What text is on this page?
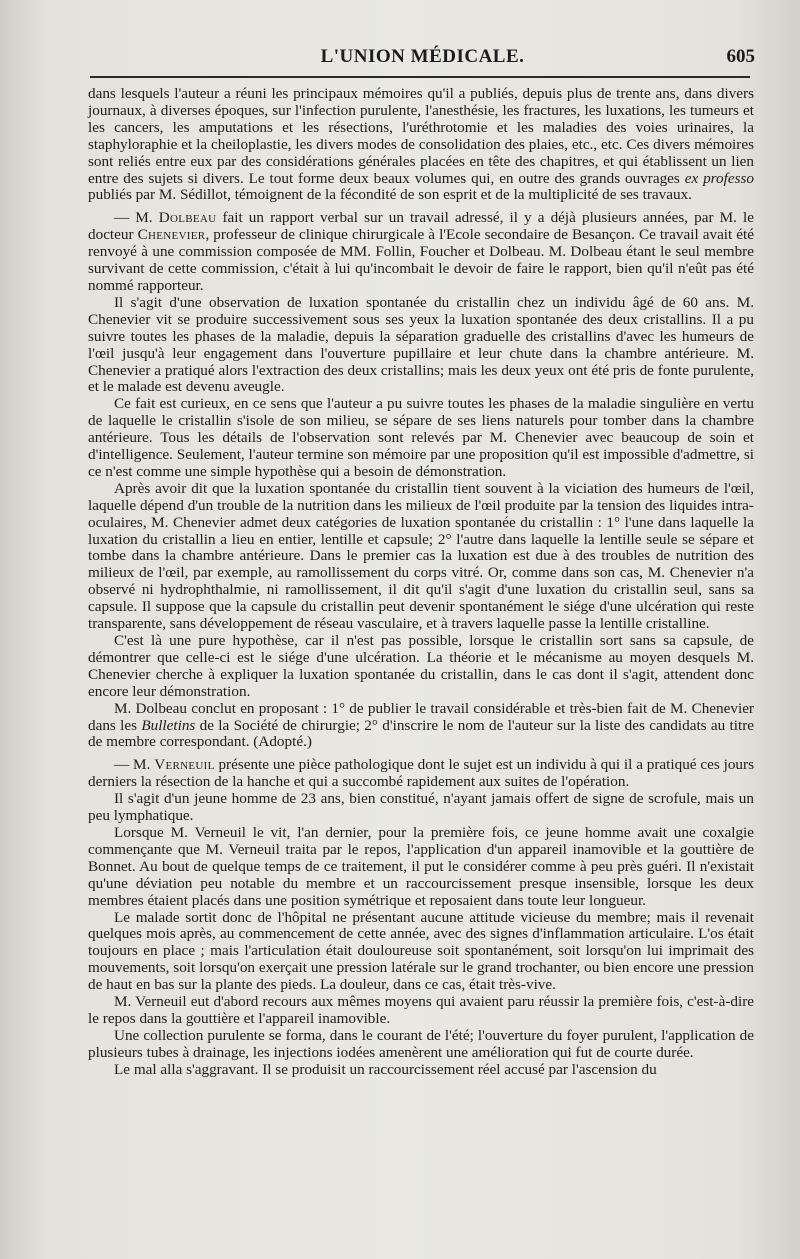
L'UNION MÉDICALE.	605

dans lesquels l'auteur a réuni les principaux mémoires qu'il a publiés, depuis plus de trente ans, dans divers journaux, à diverses époques, sur l'infection purulente, l'anesthésie, les fractures, les luxations, les tumeurs et les cancers, les amputations et les résections, l'uréthrotomie et les maladies des voies urinaires, la staphyloraphie et la cheiloplastie, les divers modes de consolidation des plaies, etc., etc. Ces divers mémoires sont reliés entre eux par des considérations générales placées en tête des chapitres, et qui établissent un lien entre des sujets si divers. Le tout forme deux beaux volumes qui, en outre des grands ouvrages ex professo publiés par M. Sédillot, témoignent de la fécondité de son esprit et de la multiplicité de ses travaux.

— M. Dolbeau fait un rapport verbal sur un travail adressé, il y a déjà plusieurs années, par M. le docteur Chenevier, professeur de clinique chirurgicale à l'Ecole secondaire de Besançon. Ce travail avait été renvoyé à une commission composée de MM. Follin, Foucher et Dolbeau. M. Dolbeau étant le seul membre survivant de cette commission, c'était à lui qu'incombait le devoir de faire le rapport, bien qu'il n'eût pas été nommé rapporteur.

Il s'agit d'une observation de luxation spontanée du cristallin chez un individu âgé de 60 ans. M. Chenevier vit se produire successivement sous ses yeux la luxation spontanée des deux cristallins. Il a pu suivre toutes les phases de la maladie, depuis la séparation graduelle des cristallins d'avec les humeurs de l'œil jusqu'à leur engagement dans l'ouverture pupillaire et leur chute dans la chambre antérieure. M. Chenevier a pratiqué alors l'extraction des deux cristallins; mais les deux yeux ont été pris de fonte purulente, et le malade est devenu aveugle.

Ce fait est curieux, en ce sens que l'auteur a pu suivre toutes les phases de la maladie singulière en vertu de laquelle le cristallin s'isole de son milieu, se sépare de ses liens naturels pour tomber dans la chambre antérieure. Tous les détails de l'observation sont relevés par M. Chenevier avec beaucoup de soin et d'intelligence. Seulement, l'auteur termine son mémoire par une proposition qu'il est impossible d'admettre, si ce n'est comme une simple hypothèse qui a besoin de démonstration.

Après avoir dit que la luxation spontanée du cristallin tient souvent à la viciation des humeurs de l'œil, laquelle dépend d'un trouble de la nutrition dans les milieux de l'œil produite par la tension des liquides intra-oculaires, M. Chenevier admet deux catégories de luxation spontanée du cristallin : 1° l'une dans laquelle la luxation du cristallin a lieu en entier, lentille et capsule; 2° l'autre dans laquelle la lentille seule se sépare et tombe dans la chambre antérieure. Dans le premier cas la luxation est due à des troubles de nutrition des milieux de l'œil, par exemple, au ramollissement du corps vitré. Or, comme dans son cas, M. Chenevier n'a observé ni hydrophthalmie, ni ramollissement, il dit qu'il s'agit d'une luxation du cristallin seul, sans sa capsule. Il suppose que la capsule du cristallin peut devenir spontanément le siége d'une ulcération qui reste transparente, sans développement de réseau vasculaire, et à travers laquelle passe la lentille cristalline.

C'est là une pure hypothèse, car il n'est pas possible, lorsque le cristallin sort sans sa capsule, de démontrer que celle-ci est le siége d'une ulcération. La théorie et le mécanisme au moyen desquels M. Chenevier cherche à expliquer la luxation spontanée du cristallin, dans le cas dont il s'agit, attendent donc encore leur démonstration.

M. Dolbeau conclut en proposant : 1° de publier le travail considérable et très-bien fait de M. Chenevier dans les Bulletins de la Société de chirurgie; 2° d'inscrire le nom de l'auteur sur la liste des candidats au titre de membre correspondant. (Adopté.)

— M. Verneuil présente une pièce pathologique dont le sujet est un individu à qui il a pratiqué ces jours derniers la résection de la hanche et qui a succombé rapidement aux suites de l'opération.

Il s'agit d'un jeune homme de 23 ans, bien constitué, n'ayant jamais offert de signe de scrofule, mais un peu lymphatique.

Lorsque M. Verneuil le vit, l'an dernier, pour la première fois, ce jeune homme avait une coxalgie commençante que M. Verneuil traita par le repos, l'application d'un appareil inamovible et la gouttière de Bonnet. Au bout de quelque temps de ce traitement, il put le considérer comme à peu près guéri. Il n'existait qu'une déviation peu notable du membre et un raccourcissement presque insensible, lorsque les deux membres étaient placés dans une position symétrique et reposaient dans toute leur longueur.

Le malade sortit donc de l'hôpital ne présentant aucune attitude vicieuse du membre; mais il revenait quelques mois après, au commencement de cette année, avec des signes d'inflammation articulaire. L'os était toujours en place ; mais l'articulation était douloureuse soit spontanément, soit lorsqu'on lui imprimait des mouvements, soit lorsqu'on exerçait une pression latérale sur le grand trochanter, ou bien encore une pression de haut en bas sur la plante des pieds. La douleur, dans ce cas, était très-vive.

M. Verneuil eut d'abord recours aux mêmes moyens qui avaient paru réussir la première fois, c'est-à-dire le repos dans la gouttière et l'appareil inamovible.

Une collection purulente se forma, dans le courant de l'été; l'ouverture du foyer purulent, l'application de plusieurs tubes à drainage, les injections iodées amenèrent une amélioration qui fut de courte durée.

Le mal alla s'aggravant. Il se produisit un raccourcissement réel accusé par l'ascension du
